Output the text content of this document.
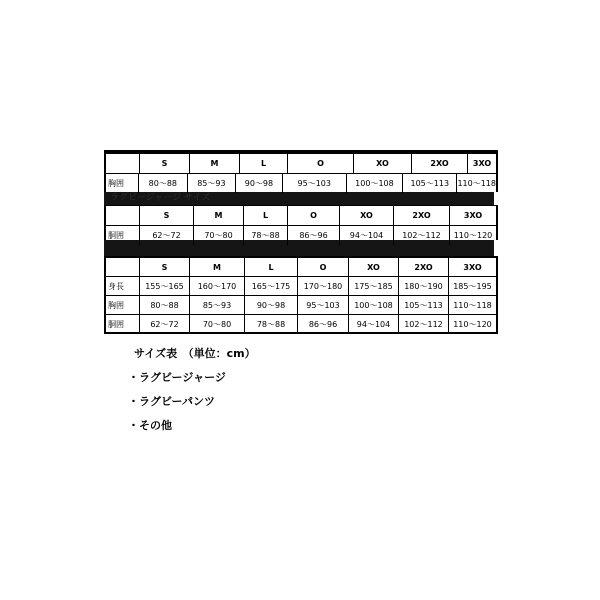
S	M	L	O	XO	2XO	3XO
胸囲	80〜88	85〜93	90〜98	95〜103	100〜108	105〜113	110〜118
ラグビージャージ サイズ
S	M	L	O	XO	2XO	3XO
胴囲	62〜72	70〜80	78〜88	86〜96	94〜104	102〜112	110〜120
S	M	L	O	XO	2XO	3XO
身長	155〜165	160〜170	165〜175	170〜180	175〜185	180〜190	185〜195
胸囲	80〜88	85〜93	90〜98	95〜103	100〜108	105〜113	110〜118
胴囲	62〜72	70〜80	78〜88	86〜96	94〜104	102〜112	110〜120
サイズ表　（単位：cm）
・ラグビージャージ
・ラグビーパンツ
・その他
